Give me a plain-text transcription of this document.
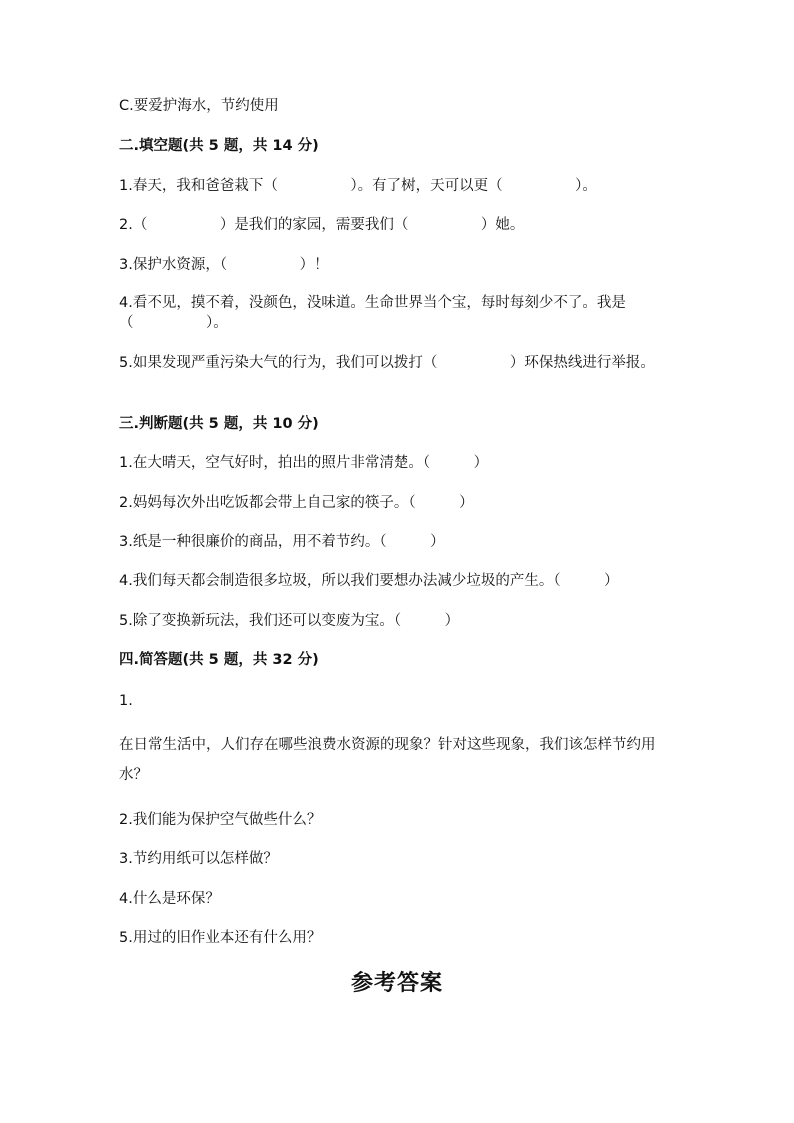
C.要爱护海水，节约使用
二.填空题(共 5 题，共 14 分)
1.春天，我和爸爸栽下（　　　　　）。有了树，天可以更（　　　　　）。
2.（　　　　　）是我们的家园，需要我们（　　　　　）她。
3.保护水资源，（　　　　　）！
4.看不见，摸不着，没颜色，没味道。生命世界当个宝，每时每刻少不了。我是（　　　　　）。
5.如果发现严重污染大气的行为，我们可以拨打（　　　　　）环保热线进行举报。
三.判断题(共 5 题，共 10 分)
1.在大晴天，空气好时，拍出的照片非常清楚。（　　　）
2.妈妈每次外出吃饭都会带上自己家的筷子。（　　　）
3.纸是一种很廉价的商品，用不着节约。（　　　）
4.我们每天都会制造很多垃圾，所以我们要想办法减少垃圾的产生。（　　　）
5.除了变换新玩法，我们还可以变废为宝。（　　　）
四.简答题(共 5 题，共 32 分)
1.
在日常生活中，人们存在哪些浪费水资源的现象？针对这些现象，我们该怎样节约用水？
2.我们能为保护空气做些什么？
3.节约用纸可以怎样做？
4.什么是环保？
5.用过的旧作业本还有什么用？
参考答案
